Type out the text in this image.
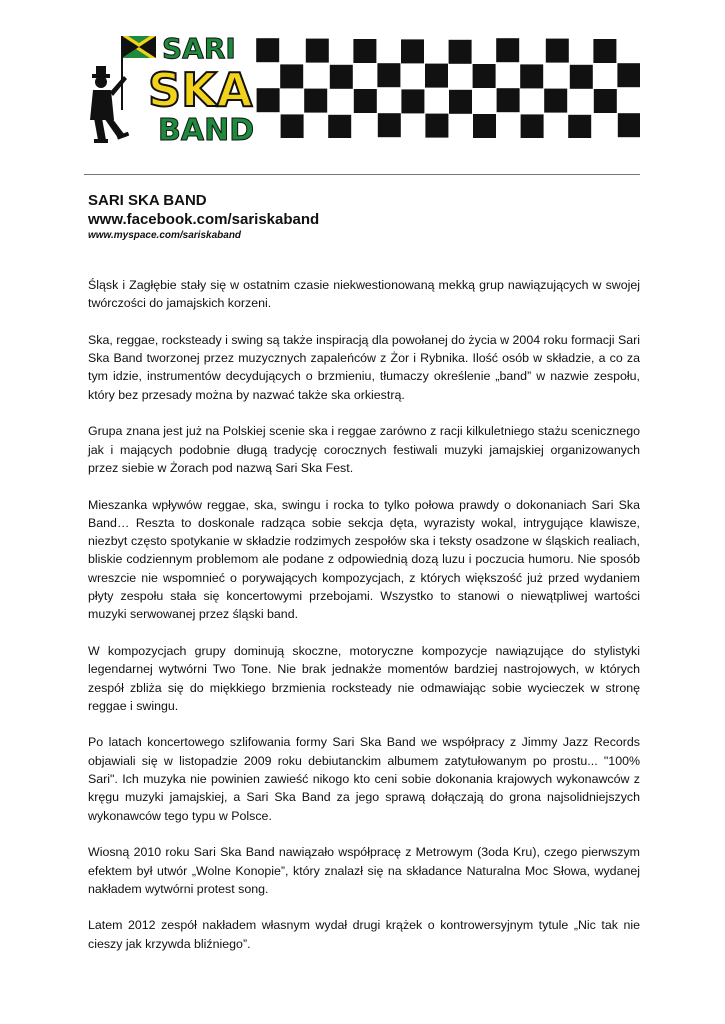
SARI
SKA
BAND

SARI SKA BAND

www.facebook.com/sariskaband

www.myspace.com/sariskaband

Śląsk i Zagłębie stały się w ostatnim czasie niekwestionowaną mekką grup nawiązujących w swojej twórczości do jamajskich korzeni.

Ska, reggae, rocksteady i swing są także inspiracją dla powołanej do życia w 2004 roku formacji Sari Ska Band tworzonej przez muzycznych zapaleńców z Żor i Rybnika. Ilość osób w składzie, a co za tym idzie, instrumentów decydujących o brzmieniu, tłumaczy określenie „band” w nazwie zespołu, który bez przesady można by nazwać także ska orkiestrą.

Grupa znana jest już na Polskiej scenie ska i reggae zarówno z racji kilkuletniego stażu scenicznego jak i mających podobnie długą tradycję corocznych festiwali muzyki jamajskiej organizowanych przez siebie w Żorach pod nazwą Sari Ska Fest.

Mieszanka wpływów reggae, ska, swingu i rocka to tylko połowa prawdy o dokonaniach Sari Ska Band… Reszta to doskonale radząca sobie sekcja dęta, wyrazisty wokal, intrygujące klawisze, niezbyt często spotykanie w składzie rodzimych zespołów ska i teksty osadzone w śląskich realiach, bliskie codziennym problemom ale podane z odpowiednią dozą luzu i poczucia humoru. Nie sposób wreszcie nie wspomnieć o porywających kompozycjach, z których większość już przed wydaniem płyty zespołu stała się koncertowymi przebojami. Wszystko to stanowi o niewątpliwej wartości muzyki serwowanej przez śląski band.

W kompozycjach grupy dominują skoczne, motoryczne kompozycje nawiązujące do stylistyki legendarnej wytwórni Two Tone. Nie brak jednakże momentów bardziej nastrojowych, w których zespół zbliża się do miękkiego brzmienia rocksteady nie odmawiając sobie wycieczek w stronę reggae i swingu.

Po latach koncertowego szlifowania formy Sari Ska Band we współpracy z Jimmy Jazz Records objawiali się w listopadzie 2009 roku debiutanckim albumem zatytułowanym po prostu... "100% Sari". Ich muzyka nie powinien zawieść nikogo kto ceni sobie dokonania krajowych wykonawców z kręgu muzyki jamajskiej, a Sari Ska Band za jego sprawą dołączają do grona najsolidniejszych wykonawców tego typu w Polsce.

Wiosną 2010 roku Sari Ska Band nawiązało współpracę z Metrowym (3oda Kru), czego pierwszym efektem był utwór „Wolne Konopie”, który znalazł się na składance Naturalna Moc Słowa, wydanej nakładem wytwórni protest song.

Latem 2012 zespół nakładem własnym wydał drugi krążek o kontrowersyjnym tytule „Nic tak nie cieszy jak krzywda bliźniego”.
